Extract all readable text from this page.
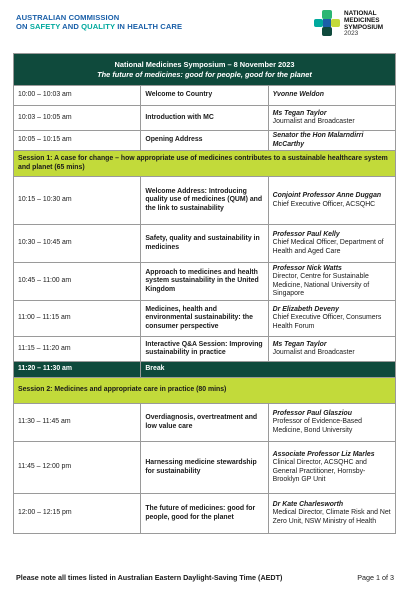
AUSTRALIAN COMMISSION
ON SAFETY AND QUALITY IN HEALTH CARE
NATIONAL
MEDICINES
SYMPOSIUM
2023
National Medicines Symposium – 8 November 2023
The future of medicines: good for people, good for the planet		

10:00 – 10:03 am	Welcome to Country	Yvonne Weldon

10:03 – 10:05 am	Introduction with MC	Ms Tegan Taylor
Journalist and Broadcaster

10:05 – 10:15 am	Opening Address	Senator the Hon Malarndirri McCarthy

Session 1: A case for change – how appropriate use of medicines contributes to a sustainable healthcare system and planet (65 mins)		
10:15 – 10:30 am	Welcome Address: Introducing quality use of medicines (QUM) and the link to sustainability	Conjoint Professor Anne Duggan
Chief Executive Officer, ACSQHC

10:30 – 10:45 am	Safety, quality and sustainability in medicines	Professor Paul Kelly
Chief Medical Officer, Department of Health and Aged Care

10:45 – 11:00 am	Approach to medicines and health system sustainability in the United Kingdom	Professor Nick Watts
Director, Centre for Sustainable Medicine, National University of Singapore

11:00 – 11:15 am	Medicines, health and environmental sustainability: the consumer perspective	Dr Elizabeth Deveny
Chief Executive Officer, Consumers Health Forum

11:15 – 11:20 am	Interactive Q&A Session: Improving sustainability in practice	Ms Tegan Taylor
Journalist and Broadcaster

11:20 – 11:30 am	Break	
Session 2: Medicines and appropriate care in practice (80 mins)		
11:30 – 11:45 am	Overdiagnosis, overtreatment and low value care	Professor Paul Glasziou
Professor of Evidence-Based Medicine, Bond University

11:45 – 12:00 pm	Harnessing medicine stewardship for sustainability	Associate Professor Liz Marles
Clinical Director, ACSQHC and General Practitioner, Hornsby-Brooklyn GP Unit

12:00 – 12:15 pm	The future of medicines: good for people, good for the planet	Dr Kate Charlesworth
Medical Director, Climate Risk and Net Zero Unit, NSW Ministry of Health
Please note all times listed in Australian Eastern Daylight-Saving Time (AEDT)	Page 1 of 3
